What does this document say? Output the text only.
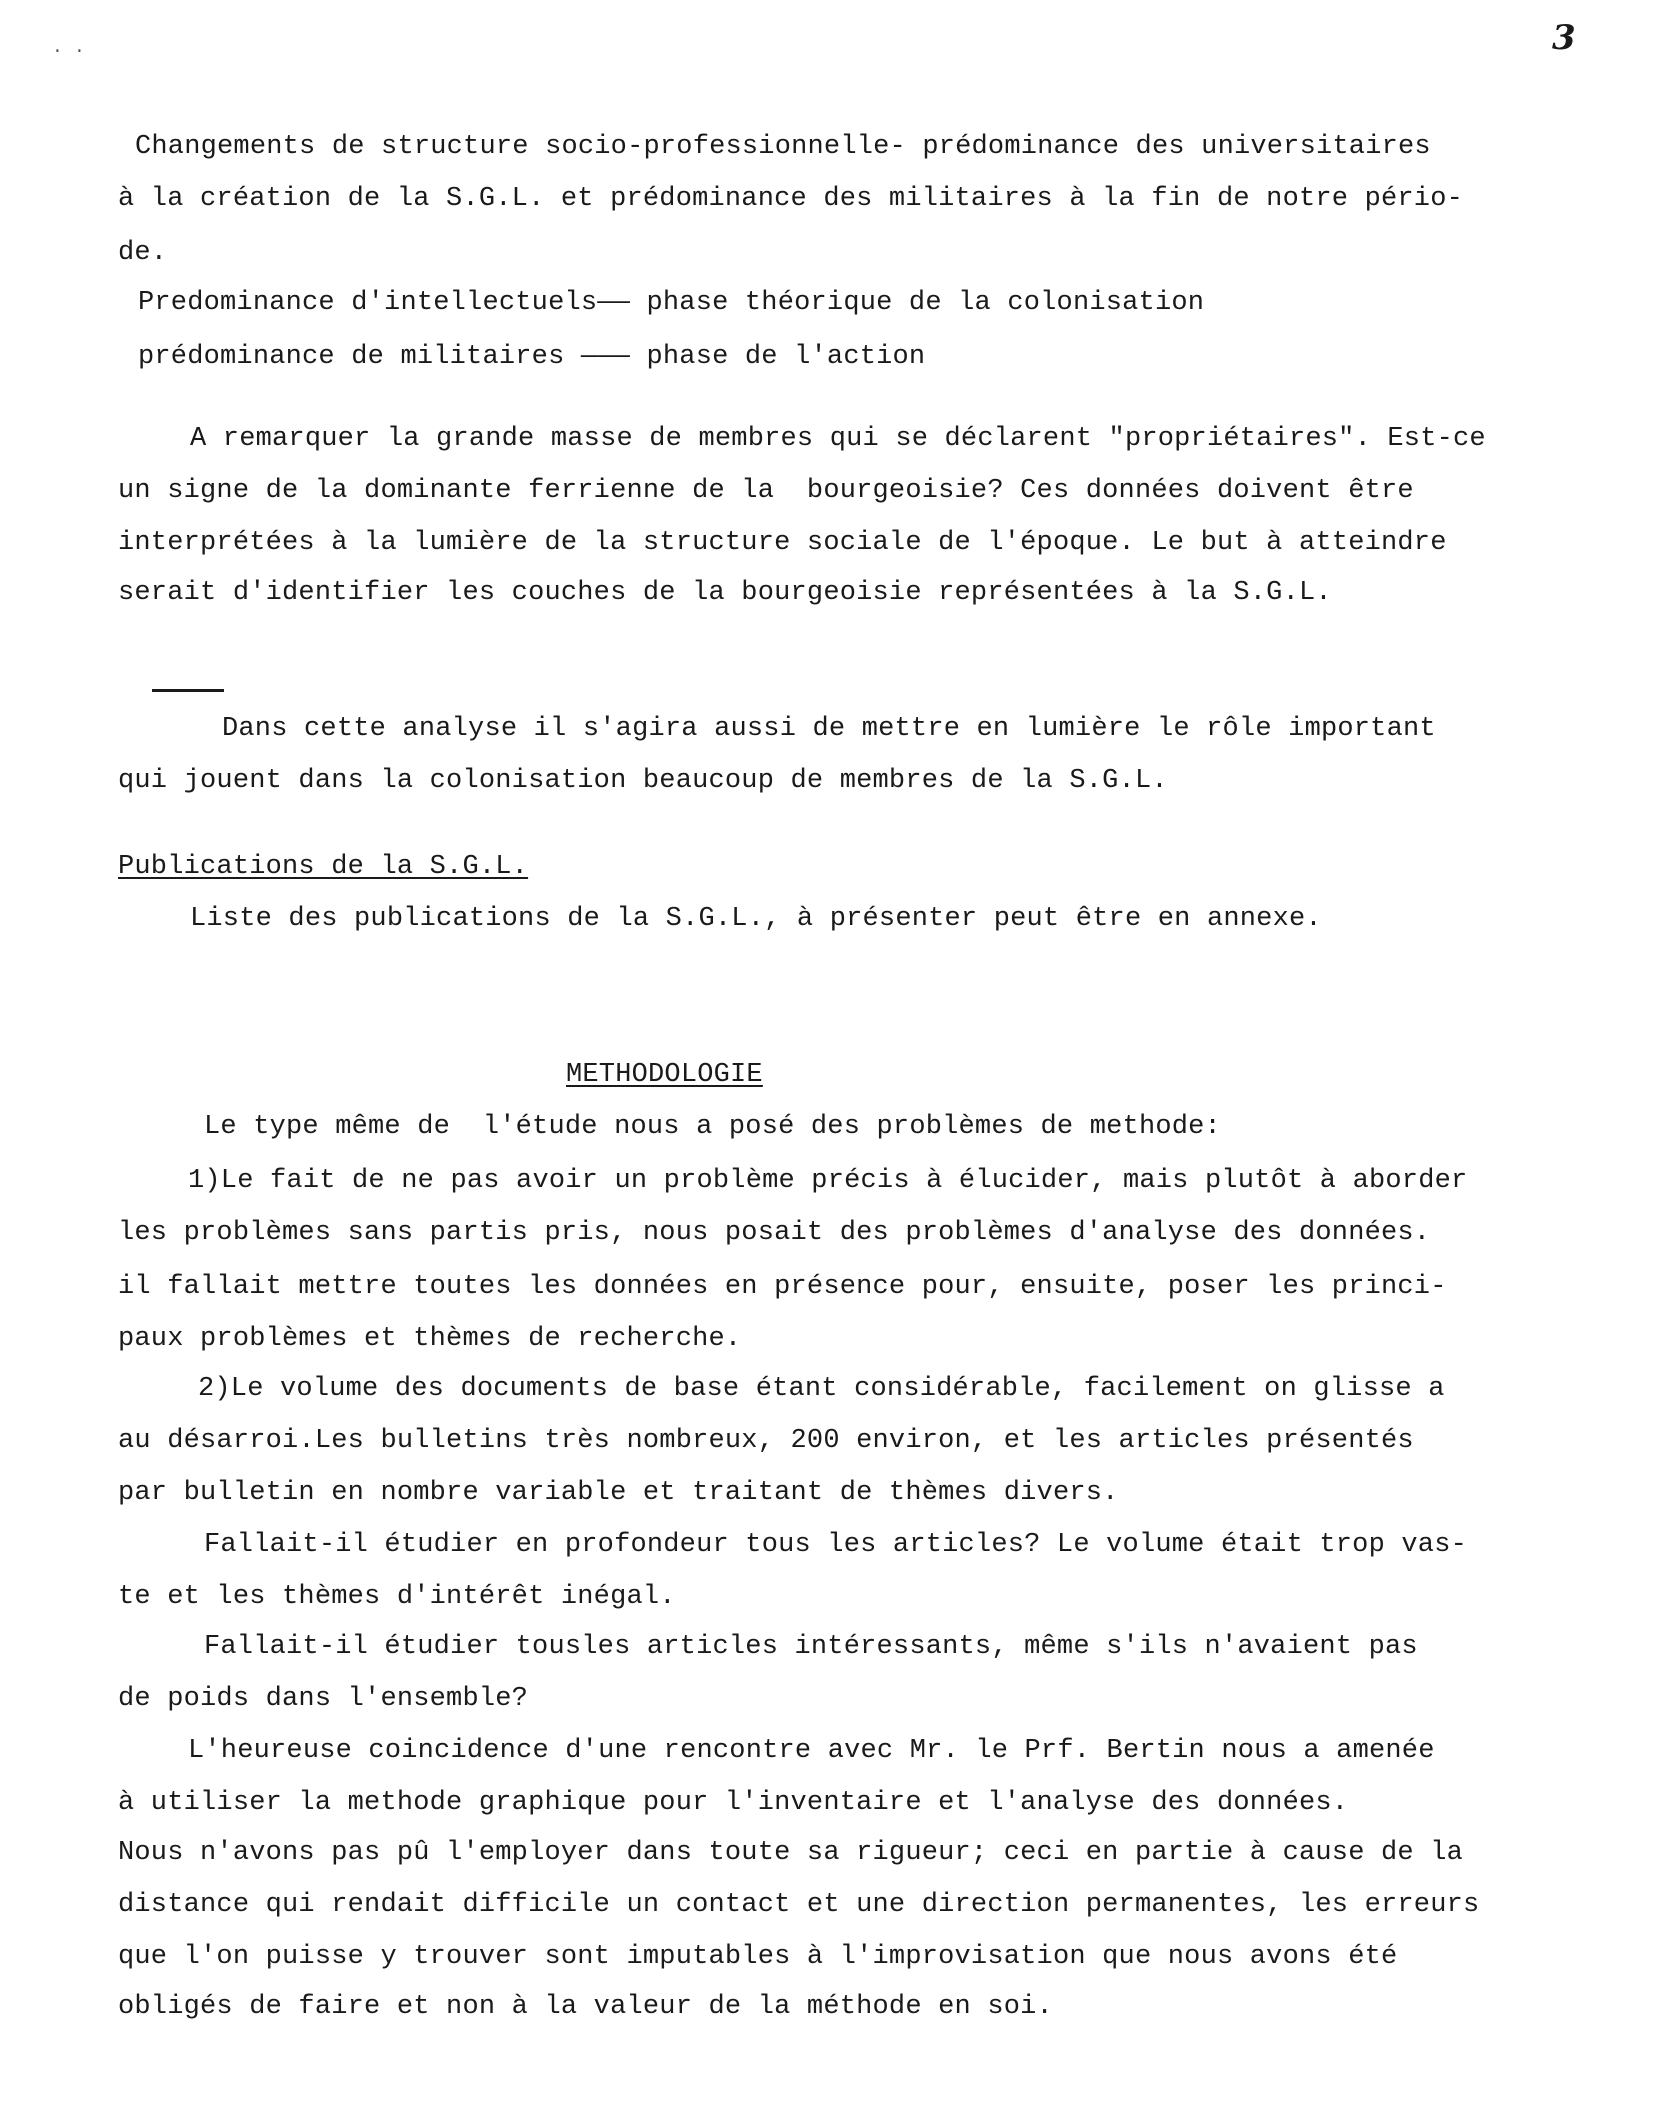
· ·	3
Changements de structure socio-professionnelle- prédominance des universitaires
à la création de la S.G.L. et prédominance des militaires à la fin de notre pério-
de.
Predominance d'intellectuels—— phase théorique de la colonisation
prédominance de militaires ——— phase de l'action
A remarquer la grande masse de membres qui se déclarent "propriétaires". Est-ce
un signe de la dominante ferrienne de la  bourgeoisie? Ces données doivent être
interprétées à la lumière de la structure sociale de l'époque. Le but à atteindre
serait d'identifier les couches de la bourgeoisie représentées à la S.G.L.
Dans cette analyse il s'agira aussi de mettre en lumière le rôle important
qui jouent dans la colonisation beaucoup de membres de la S.G.L.
Publications de la S.G.L.
Liste des publications de la S.G.L., à présenter peut être en annexe.
METHODOLOGIE
Le type même de  l'étude nous a posé des problèmes de methode:
1)Le fait de ne pas avoir un problème précis à élucider, mais plutôt à aborder
les problèmes sans partis pris, nous posait des problèmes d'analyse des données.
il fallait mettre toutes les données en présence pour, ensuite, poser les princi-
paux problèmes et thèmes de recherche.
2)Le volume des documents de base étant considérable, facilement on glisse a
au désarroi.Les bulletins très nombreux, 200 environ, et les articles présentés
par bulletin en nombre variable et traitant de thèmes divers.
Fallait-il étudier en profondeur tous les articles? Le volume était trop vas-
te et les thèmes d'intérêt inégal.
Fallait-il étudier tousles articles intéressants, même s'ils n'avaient pas
de poids dans l'ensemble?
L'heureuse coincidence d'une rencontre avec Mr. le Prf. Bertin nous a amenée
à utiliser la methode graphique pour l'inventaire et l'analyse des données.
Nous n'avons pas pû l'employer dans toute sa rigueur; ceci en partie à cause de la
distance qui rendait difficile un contact et une direction permanentes, les erreurs
que l'on puisse y trouver sont imputables à l'improvisation que nous avons été
obligés de faire et non à la valeur de la méthode en soi.
